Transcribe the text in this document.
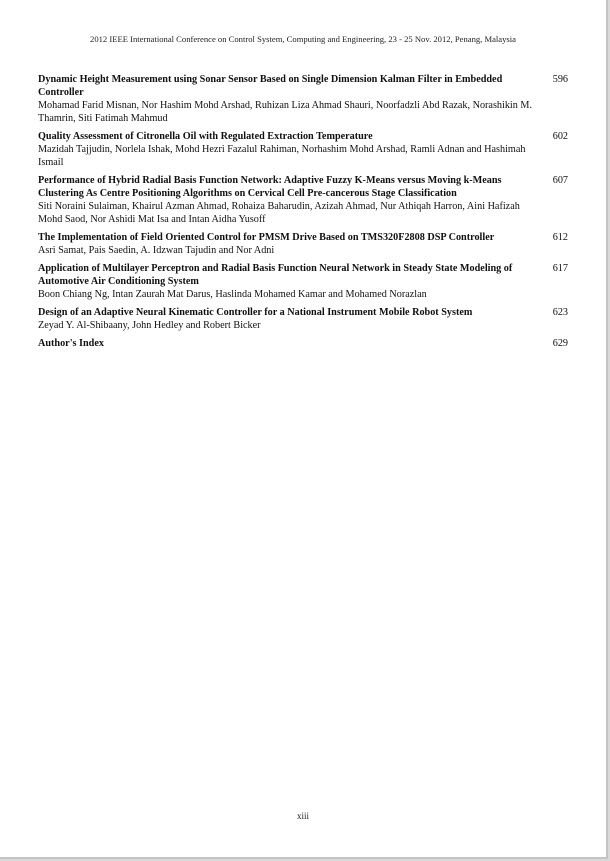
2012 IEEE International Conference on Control System, Computing and Engineering, 23 - 25 Nov. 2012, Penang, Malaysia
Dynamic Height Measurement using Sonar Sensor Based on Single Dimension Kalman Filter in Embedded Controller
Mohamad Farid Misnan, Nor Hashim Mohd Arshad, Ruhizan Liza Ahmad Shauri, Noorfadzli Abd Razak, Norashikin M. Thamrin, Siti Fatimah Mahmud
596
Quality Assessment of Citronella Oil with Regulated Extraction Temperature
Mazidah Tajjudin, Norlela Ishak, Mohd Hezri Fazalul Rahiman, Norhashim Mohd Arshad, Ramli Adnan and Hashimah Ismail
602
Performance of Hybrid Radial Basis Function Network: Adaptive Fuzzy K-Means versus Moving k-Means Clustering As Centre Positioning Algorithms on Cervical Cell Pre-cancerous Stage Classification
Siti Noraini Sulaiman, Khairul Azman Ahmad, Rohaiza Baharudin, Azizah Ahmad, Nur Athiqah Harron, Aini Hafizah Mohd Saod, Nor Ashidi Mat Isa and Intan Aidha Yusoff
607
The Implementation of Field Oriented Control for PMSM Drive Based on TMS320F2808 DSP Controller
Asri Samat, Pais Saedin, A. Idzwan Tajudin and Nor Adni
612
Application of Multilayer Perceptron and Radial Basis Function Neural Network in Steady State Modeling of Automotive Air Conditioning System
Boon Chiang Ng, Intan Zaurah Mat Darus, Haslinda Mohamed Kamar and Mohamed Norazlan
617
Design of an Adaptive Neural Kinematic Controller for a National Instrument Mobile Robot System
Zeyad Y. Al-Shibaany, John Hedley and Robert Bicker
623
Author's Index	629
xiii
